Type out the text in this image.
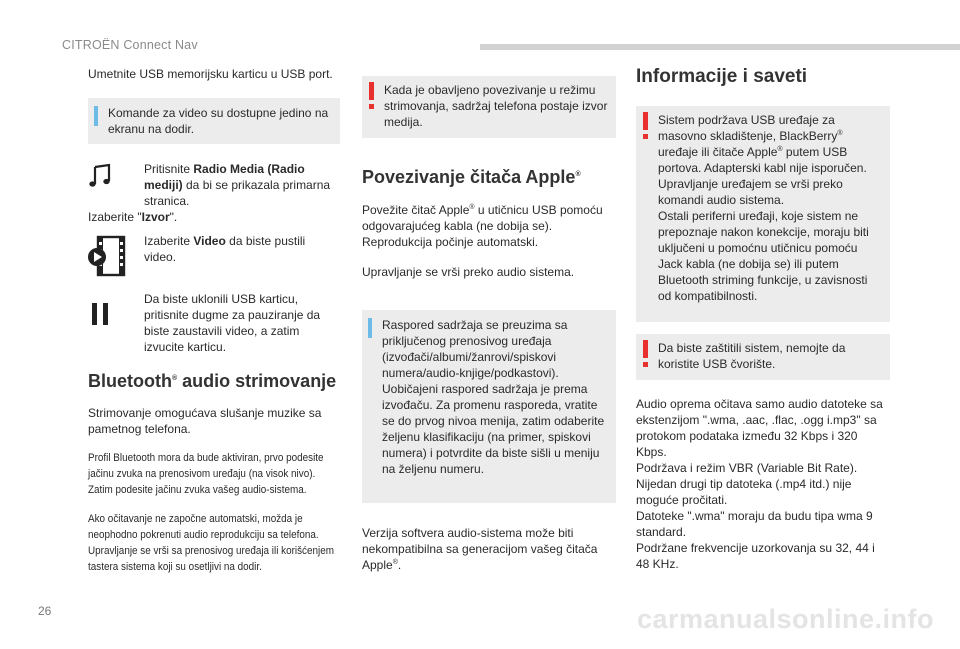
CITROËN Connect Nav

Umetnite USB memorijsku karticu u USB port.

Komande za video su dostupne jedino na ekranu na dodir.

Pritisnite Radio Media (Radio mediji) da bi se prikazala primarna stranica.

Izaberite "Izvor".

Izaberite Video da biste pustili video.

Da biste uklonili USB karticu, pritisnite dugme za pauziranje da biste zaustavili video, a zatim izvucite karticu.

Bluetooth® audio strimovanje

Strimovanje omogućava slušanje muzike sa pametnog telefona.

Profil Bluetooth mora da bude aktiviran, prvo podesite jačinu zvuka na prenosivom uređaju (na visok nivo).

Zatim podesite jačinu zvuka vašeg audio-sistema.

Ako očitavanje ne započne automatski, možda je neophodno pokrenuti audio reprodukciju sa telefona. Upravljanje se vrši sa prenosivog uređaja ili korišćenjem tastera sistema koji su osetljivi na dodir.

Kada je obavljeno povezivanje u režimu strimovanja, sadržaj telefona postaje izvor medija.
Povezivanje čitača Apple®

Povežite čitač Apple® u utičnicu USB pomoću odgovarajućeg kabla (ne dobija se).

Reprodukcija počinje automatski.

Upravljanje se vrši preko audio sistema.

Raspored sadržaja se preuzima sa priključenog prenosivog uređaja (izvođači/albumi/žanrovi/spiskovi numera/audio-knjige/podkastovi).

Uobičajeni raspored sadržaja je prema izvođaču. Za promenu rasporeda, vratite se do prvog nivoa menija, zatim odaberite željenu klasifikaciju (na primer, spiskovi numera) i potvrdite da biste sišli u meniju na željenu numeru.

Verzija softvera audio-sistema može biti nekompatibilna sa generacijom vašeg čitača Apple®.

Informacije i saveti

Sistem podržava USB uređaje za masovno skladištenje, BlackBerry® uređaje ili čitače Apple® putem USB portova. Adapterski kabl nije isporučen.

Upravljanje uređajem se vrši preko komandi audio sistema.

Ostali periferni uređaji, koje sistem ne prepoznaje nakon konekcije, moraju biti uključeni u pomoćnu utičnicu pomoću Jack kabla (ne dobija se) ili putem Bluetooth striming funkcije, u zavisnosti od kompatibilnosti.

Da biste zaštitili sistem, nemojte da koristite USB čvorište.

Audio oprema očitava samo audio datoteke sa ekstenzijom ".wma, .aac, .flac, .ogg i.mp3" sa protokom podataka između 32 Kbps i 320 Kbps.

Podržava i režim VBR (Variable Bit Rate).

Nijedan drugi tip datoteka (.mp4 itd.) nije moguće pročitati.

Datoteke ".wma" moraju da budu tipa wma 9 standard.

Podržane frekvencije uzorkovanja su 32, 44 i 48 KHz.

26	carmanualsonline.info
